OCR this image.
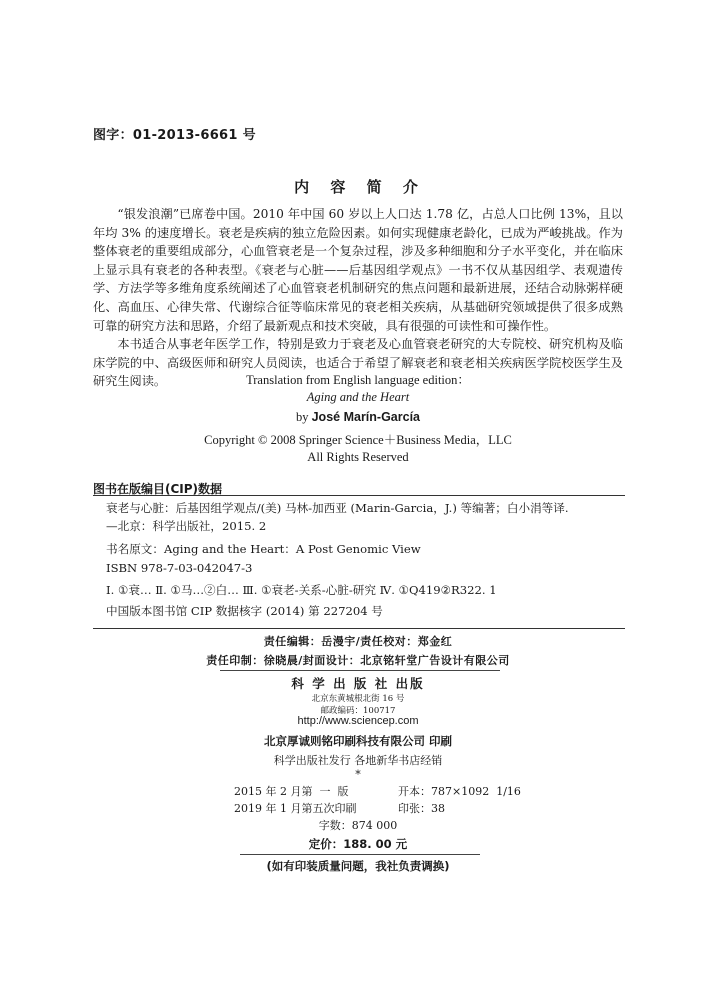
图字：01-2013-6661 号
内 容 简 介

“银发浪潮”已席卷中国。2010 年中国 60 岁以上人口达 1.78 亿，占总人口比例 13%，且以年均 3% 的速度增长。衰老是疾病的独立危险因素。如何实现健康老龄化，已成为严峻挑战。作为整体衰老的重要组成部分，心血管衰老是一个复杂过程，涉及多种细胞和分子水平变化，并在临床上显示具有衰老的各种表型。《衰老与心脏——后基因组学观点》一书不仅从基因组学、表观遗传学、方法学等多维角度系统阐述了心血管衰老机制研究的焦点问题和最新进展，还结合动脉粥样硬化、高血压、心律失常、代谢综合征等临床常见的衰老相关疾病，从基础研究领域提供了很多成熟可靠的研究方法和思路，介绍了最新观点和技术突破，具有很强的可读性和可操作性。

本书适合从事老年医学工作，特别是致力于衰老及心血管衰老研究的大专院校、研究机构及临床学院的中、高级医师和研究人员阅读，也适合于希望了解衰老和衰老相关疾病医学院校医学生及研究生阅读。	Translation from English language edition：
Aging and the Heart
by José Marín-García
Copyright © 2008 Springer Science＋Business Media，LLC
All Rights Reserved
图书在版编目(CIP)数据
衰老与心脏：后基因组学观点/(美) 马林-加西亚 (Marin-Garcia，J.) 等编著；白小涓等译.
—北京：科学出版社，2015. 2
书名原文：Aging and the Heart：A Post Genomic View
ISBN 978-7-03-042047-3
Ⅰ. ①衰… Ⅱ. ①马…②白… Ⅲ. ①衰老-关系-心脏-研究 Ⅳ. ①Q419②R322. 1
中国版本图书馆 CIP 数据核字 (2014) 第 227204 号
责任编辑：岳漫宇/责任校对：郑金红
责任印制：徐晓晨/封面设计：北京铭轩堂广告设计有限公司
科 学 出 版 社 出版
北京东黄城根北街 16 号
邮政编码：100717
http://www.sciencep.com
北京厚诚则铭印刷科技有限公司 印刷
科学出版社发行 各地新华书店经销
*
2015 年 2 月第  一  版	开本：787×1092  1/16
2019 年 1 月第五次印刷	印张：38
字数：874 000
定价：188. 00 元
(如有印装质量问题，我社负责调换)
